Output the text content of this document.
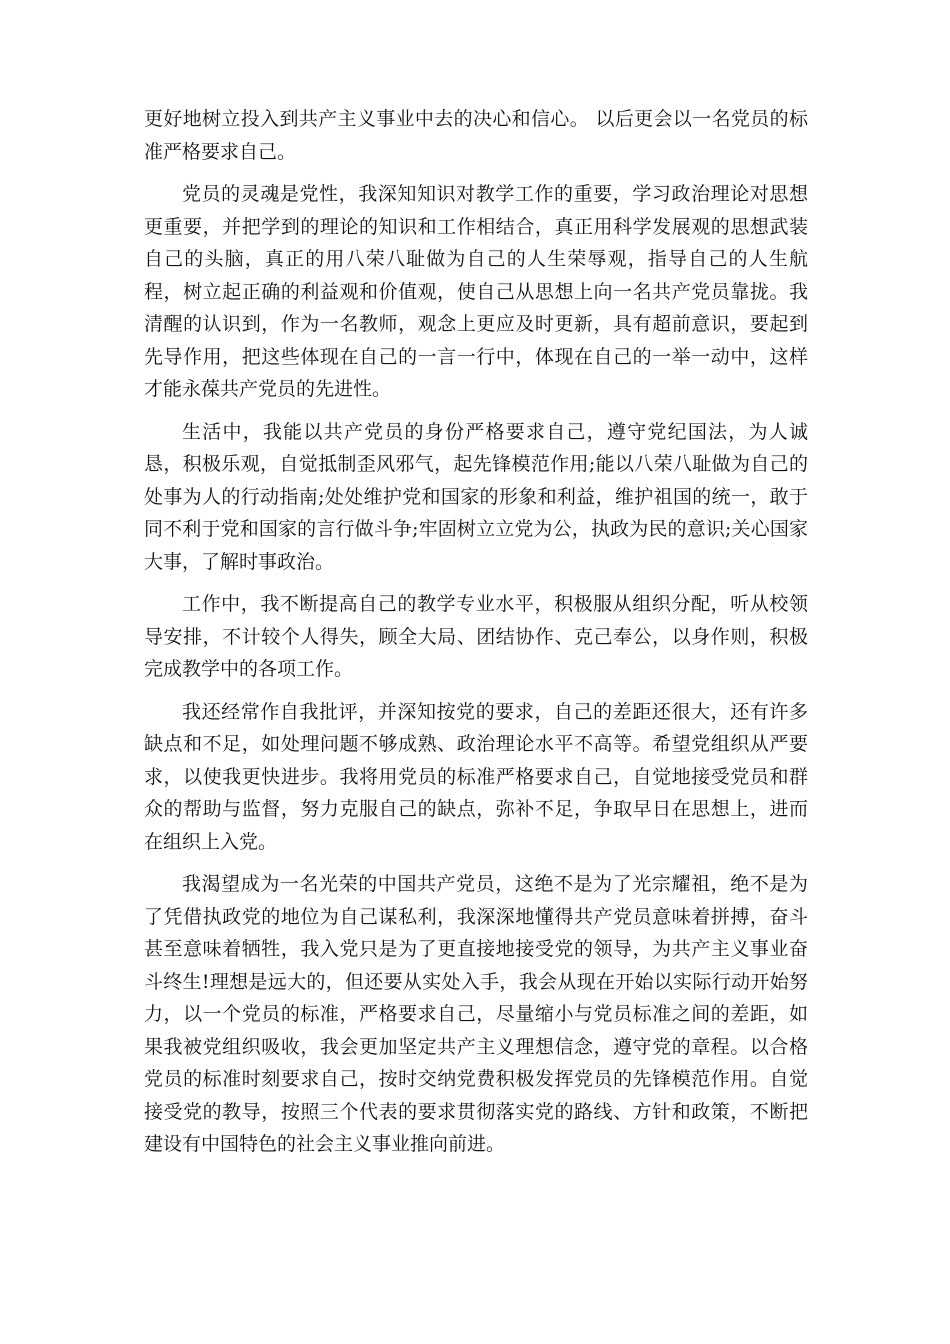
更好地树立投入到共产主义事业中去的决心和信心。 以后更会以一名党员的标准严格要求自己。

党员的灵魂是党性，我深知知识对教学工作的重要，学习政治理论对思想更重要，并把学到的理论的知识和工作相结合，真正用科学发展观的思想武装自己的头脑，真正的用八荣八耻做为自己的人生荣辱观，指导自己的人生航程，树立起正确的利益观和价值观，使自己从思想上向一名共产党员靠拢。我清醒的认识到，作为一名教师，观念上更应及时更新，具有超前意识，要起到先导作用，把这些体现在自己的一言一行中，体现在自己的一举一动中，这样才能永葆共产党员的先进性。

生活中，我能以共产党员的身份严格要求自己，遵守党纪国法，为人诚恳，积极乐观，自觉抵制歪风邪气，起先锋模范作用;能以八荣八耻做为自己的处事为人的行动指南;处处维护党和国家的形象和利益，维护祖国的统一，敢于同不利于党和国家的言行做斗争;牢固树立立党为公，执政为民的意识;关心国家大事，了解时事政治。

工作中，我不断提高自己的教学专业水平，积极服从组织分配，听从校领导安排，不计较个人得失，顾全大局、团结协作、克己奉公，以身作则，积极完成教学中的各项工作。

我还经常作自我批评，并深知按党的要求，自己的差距还很大，还有许多缺点和不足，如处理问题不够成熟、政治理论水平不高等。希望党组织从严要求，以使我更快进步。我将用党员的标准严格要求自己，自觉地接受党员和群众的帮助与监督，努力克服自己的缺点，弥补不足，争取早日在思想上，进而在组织上入党。

我渴望成为一名光荣的中国共产党员，这绝不是为了光宗耀祖，绝不是为了凭借执政党的地位为自己谋私利，我深深地懂得共产党员意味着拼搏，奋斗甚至意味着牺牲，我入党只是为了更直接地接受党的领导，为共产主义事业奋斗终生!理想是远大的，但还要从实处入手，我会从现在开始以实际行动开始努力，以一个党员的标准，严格要求自己，尽量缩小与党员标准之间的差距，如果我被党组织吸收，我会更加坚定共产主义理想信念，遵守党的章程。以合格党员的标准时刻要求自己，按时交纳党费积极发挥党员的先锋模范作用。自觉接受党的教导，按照三个代表的要求贯彻落实党的路线、方针和政策，不断把建设有中国特色的社会主义事业推向前进。
